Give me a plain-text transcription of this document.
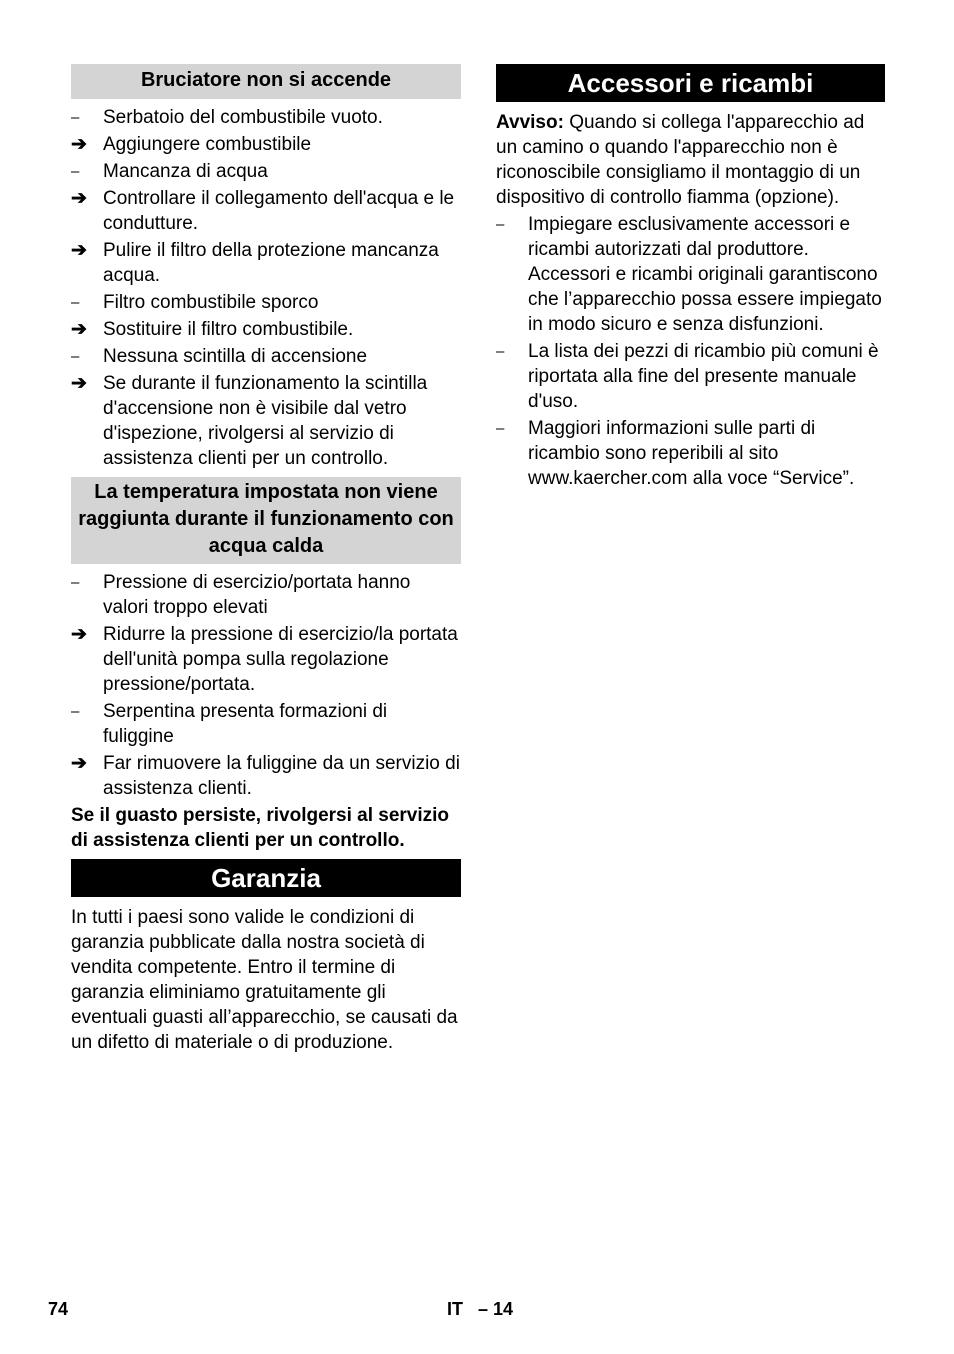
Bruciatore non si accende
–	Serbatoio del combustibile vuoto.
➔ Aggiungere combustibile
–	Mancanza di acqua
➔ Controllare il collegamento dell'acqua e le condutture.
➔ Pulire il filtro della protezione mancanza acqua.
–	Filtro combustibile sporco
➔ Sostituire il filtro combustibile.
–	Nessuna scintilla di accensione
➔ Se durante il funzionamento la scintilla d'accensione non è visibile dal vetro d'ispezione, rivolgersi al servizio di assistenza clienti per un controllo.
La temperatura impostata non viene raggiunta durante il funzionamento con acqua calda
–	Pressione di esercizio/portata hanno valori troppo elevati
➔ Ridurre la pressione di esercizio/la portata dell'unità pompa sulla regolazione pressione/portata.
–	Serpentina presenta formazioni di fuliggine
➔ Far rimuovere la fuliggine da un servizio di assistenza clienti.

Se il guasto persiste, rivolgersi al servizio di assistenza clienti per un controllo.

Garanzia

In tutti i paesi sono valide le condizioni di garanzia pubblicate dalla nostra società di vendita competente. Entro il termine di garanzia eliminiamo gratuitamente gli eventuali guasti all’apparecchio, se causati da un difetto di materiale o di produzione.

Accessori e ricambi

Avviso: Quando si collega l'apparecchio ad un camino o quando l'apparecchio non è riconoscibile consigliamo il montaggio di un dispositivo di controllo fiamma (opzione).

–	Impiegare esclusivamente accessori e ricambi autorizzati dal produttore. Accessori e ricambi originali garantiscono che l’apparecchio possa essere impiegato in modo sicuro e senza disfunzioni.
–	La lista dei pezzi di ricambio più comuni è riportata alla fine del presente manuale d'uso.
–	Maggiori informazioni sulle parti di ricambio sono reperibili al sito www.kaercher.com alla voce “Service”.
74	IT   – 14
